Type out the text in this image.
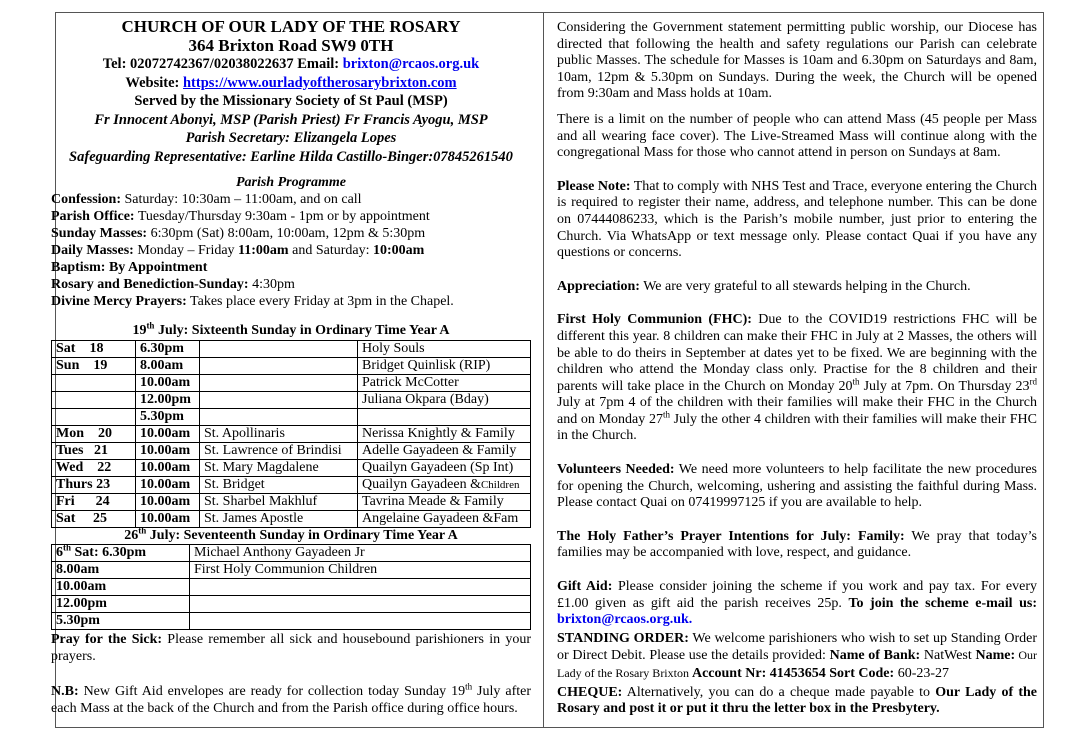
CHURCH OF OUR LADY OF THE ROSARY
364 Brixton Road SW9 0TH
Tel: 02072742367/02038022637 Email: brixton@rcaos.org.uk
Website: https://www.ourladyoftherosarybrixton.com
Served by the Missionary Society of St Paul (MSP)
Fr Innocent Abonyi, MSP (Parish Priest) Fr Francis Ayogu, MSP
Parish Secretary: Elizangela Lopes
Safeguarding Representative: Earline Hilda Castillo-Binger:07845261540
Parish Programme
Confession: Saturday: 10:30am – 11:00am, and on call
Parish Office: Tuesday/Thursday 9:30am - 1pm or by appointment
Sunday Masses: 6:30pm (Sat) 8:00am, 10:00am, 12pm & 5:30pm
Daily Masses: Monday – Friday 11:00am and Saturday: 10:00am
Baptism: By Appointment
Rosary and Benediction-Sunday: 4:30pm
Divine Mercy Prayers: Takes place every Friday at 3pm in the Chapel.
19th July: Sixteenth Sunday in Ordinary Time Year A
Sat    18	6.30pm		Holy Souls
Sun    19	8.00am		Bridget Quinlisk (RIP)
	10.00am		Patrick McCotter
	12.00pm		Juliana Okpara (Bday)
	5.30pm		
Mon    20	10.00am	St. Apollinaris	Nerissa Knightly & Family
Tues   21	10.00am	St. Lawrence of Brindisi	Adelle Gayadeen & Family
Wed    22	10.00am	St. Mary Magdalene	Quailyn Gayadeen (Sp Int)
Thurs 23	10.00am	St. Bridget	Quailyn Gayadeen &Children
Fri      24	10.00am	St. Sharbel Makhluf	Tavrina Meade & Family
Sat     25	10.00am	St. James Apostle	Angelaine Gayadeen &Fam
26th July: Seventeenth Sunday in Ordinary Time Year A
6th Sat: 6.30pm	Michael Anthony Gayadeen Jr
8.00am	First Holy Communion Children
10.00am	
12.00pm	
5.30pm	

Pray for the Sick: Please remember all sick and housebound parishioners in your prayers.

N.B: New Gift Aid envelopes are ready for collection today Sunday 19th July after each Mass at the back of the Church and from the Parish office during office hours.

Considering the Government statement permitting public worship, our Diocese has directed that following the health and safety regulations our Parish can celebrate public Masses. The schedule for Masses is 10am and 6.30pm on Saturdays and 8am, 10am, 12pm & 5.30pm on Sundays. During the week, the Church will be opened from 9:30am and Mass holds at 10am.

There is a limit on the number of people who can attend Mass (45 people per Mass and all wearing face cover). The Live-Streamed Mass will continue along with the congregational Mass for those who cannot attend in person on Sundays at 8am.

Please Note: That to comply with NHS Test and Trace, everyone entering the Church is required to register their name, address, and telephone number. This can be done on 07444086233, which is the Parish’s mobile number, just prior to entering the Church. Via WhatsApp or text message only. Please contact Quai if you have any questions or concerns.

Appreciation: We are very grateful to all stewards helping in the Church.

First Holy Communion (FHC): Due to the COVID19 restrictions FHC will be different this year. 8 children can make their FHC in July at 2 Masses, the others will be able to do theirs in September at dates yet to be fixed. We are beginning with the children who attend the Monday class only. Practise for the 8 children and their parents will take place in the Church on Monday 20th July at 7pm. On Thursday 23rd July at 7pm 4 of the children with their families will make their FHC in the Church and on Monday 27th July the other 4 children with their families will make their FHC in the Church.

Volunteers Needed: We need more volunteers to help facilitate the new procedures for opening the Church, welcoming, ushering and assisting the faithful during Mass. Please contact Quai on 07419997125 if you are available to help.

The Holy Father’s Prayer Intentions for July: Family: We pray that today’s families may be accompanied with love, respect, and guidance.

Gift Aid: Please consider joining the scheme if you work and pay tax. For every £1.00 given as gift aid the parish receives 25p. To join the scheme e-mail us: brixton@rcaos.org.uk.

STANDING ORDER: We welcome parishioners who wish to set up Standing Order or Direct Debit. Please use the details provided: Name of Bank: NatWest Name: Our Lady of the Rosary Brixton Account Nr: 41453654 Sort Code: 60-23-27

CHEQUE: Alternatively, you can do a cheque made payable to Our Lady of the Rosary and post it or put it thru the letter box in the Presbytery.
